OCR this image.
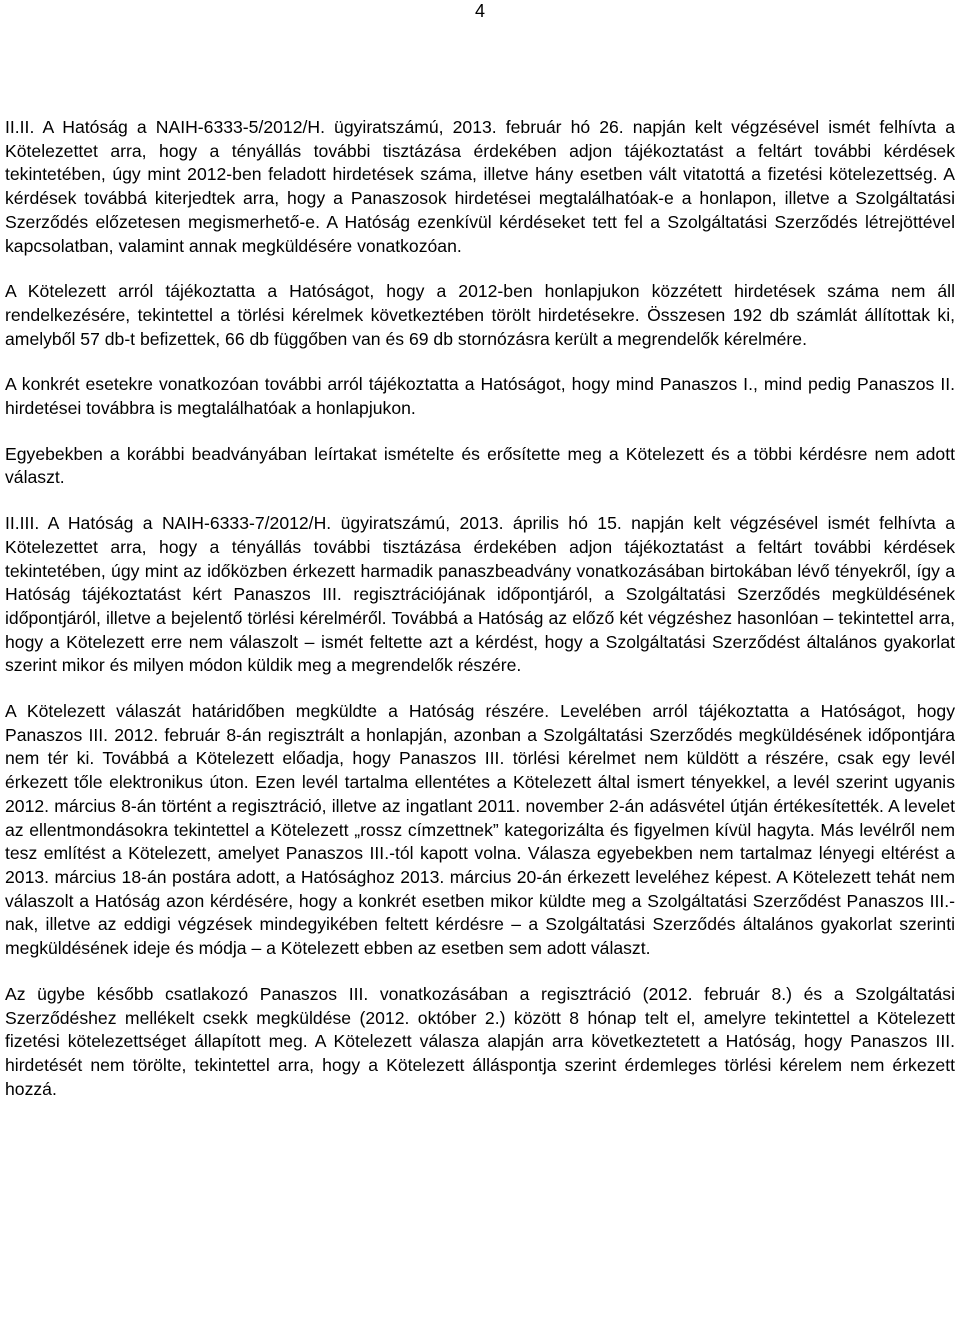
4

II.II. A Hatóság a NAIH-6333-5/2012/H. ügyiratszámú, 2013. február hó 26. napján kelt végzésével ismét felhívta a Kötelezettet arra, hogy a tényállás további tisztázása érdekében adjon tájékoztatást a feltárt további kérdések tekintetében, úgy mint 2012-ben feladott hirdetések száma, illetve hány esetben vált vitatottá a fizetési kötelezettség. A kérdések továbbá kiterjedtek arra, hogy a Panaszosok hirdetései megtalálhatóak-e a honlapon, illetve a Szolgáltatási Szerződés előzetesen megismerhető-e. A Hatóság ezenkívül kérdéseket tett fel a Szolgáltatási Szerződés létrejöttével kapcsolatban, valamint annak megküldésére vonatkozóan.

A Kötelezett arról tájékoztatta a Hatóságot, hogy a 2012-ben honlapjukon közzétett hirdetések száma nem áll rendelkezésére, tekintettel a törlési kérelmek következtében törölt hirdetésekre. Összesen 192 db számlát állítottak ki, amelyből 57 db-t befizettek, 66 db függőben van és 69 db stornózásra került a megrendelők kérelmére.

A konkrét esetekre vonatkozóan további arról tájékoztatta a Hatóságot, hogy mind Panaszos I., mind pedig Panaszos II. hirdetései továbbra is megtalálhatóak a honlapjukon.

Egyebekben a korábbi beadványában leírtakat ismételte és erősítette meg a Kötelezett és a többi kérdésre nem adott választ.

II.III. A Hatóság a NAIH-6333-7/2012/H. ügyiratszámú, 2013. április hó 15. napján kelt végzésével ismét felhívta a Kötelezettet arra, hogy a tényállás további tisztázása érdekében adjon tájékoztatást a feltárt további kérdések tekintetében, úgy mint az időközben érkezett harmadik panaszbeadvány vonatkozásában birtokában lévő tényekről, így a Hatóság tájékoztatást kért Panaszos III. regisztrációjának időpontjáról, a Szolgáltatási Szerződés megküldésének időpontjáról, illetve a bejelentő törlési kérelméről. Továbbá a Hatóság az előző két végzéshez hasonlóan – tekintettel arra, hogy a Kötelezett erre nem válaszolt – ismét feltette azt a kérdést, hogy a Szolgáltatási Szerződést általános gyakorlat szerint mikor és milyen módon küldik meg a megrendelők részére.

A Kötelezett válaszát határidőben megküldte a Hatóság részére. Levelében arról tájékoztatta a Hatóságot, hogy Panaszos III. 2012. február 8-án regisztrált a honlapján, azonban a Szolgáltatási Szerződés megküldésének időpontjára nem tér ki. Továbbá a Kötelezett előadja, hogy Panaszos III. törlési kérelmet nem küldött a részére, csak egy levél érkezett tőle elektronikus úton. Ezen levél tartalma ellentétes a Kötelezett által ismert tényekkel, a levél szerint ugyanis 2012. március 8-án történt a regisztráció, illetve az ingatlant 2011. november 2-án adásvétel útján értékesítették. A levelet az ellentmondásokra tekintettel a Kötelezett „rossz címzettnek” kategorizálta és figyelmen kívül hagyta. Más levélről nem tesz említést a Kötelezett, amelyet Panaszos III.-tól kapott volna. Válasza egyebekben nem tartalmaz lényegi eltérést a 2013. március 18-án postára adott, a Hatósághoz 2013. március 20-án érkezett leveléhez képest. A Kötelezett tehát nem válaszolt a Hatóság azon kérdésére, hogy a konkrét esetben mikor küldte meg a Szolgáltatási Szerződést Panaszos III.-nak, illetve az eddigi végzések mindegyikében feltett kérdésre – a Szolgáltatási Szerződés általános gyakorlat szerinti megküldésének ideje és módja – a Kötelezett ebben az esetben sem adott választ.

Az ügybe később csatlakozó Panaszos III. vonatkozásában a regisztráció (2012. február 8.) és a Szolgáltatási Szerződéshez mellékelt csekk megküldése (2012. október 2.) között 8 hónap telt el, amelyre tekintettel a Kötelezett fizetési kötelezettséget állapított meg. A Kötelezett válasza alapján arra következtetett a Hatóság, hogy Panaszos III. hirdetését nem törölte, tekintettel arra, hogy a Kötelezett álláspontja szerint érdemleges törlési kérelem nem érkezett hozzá.
